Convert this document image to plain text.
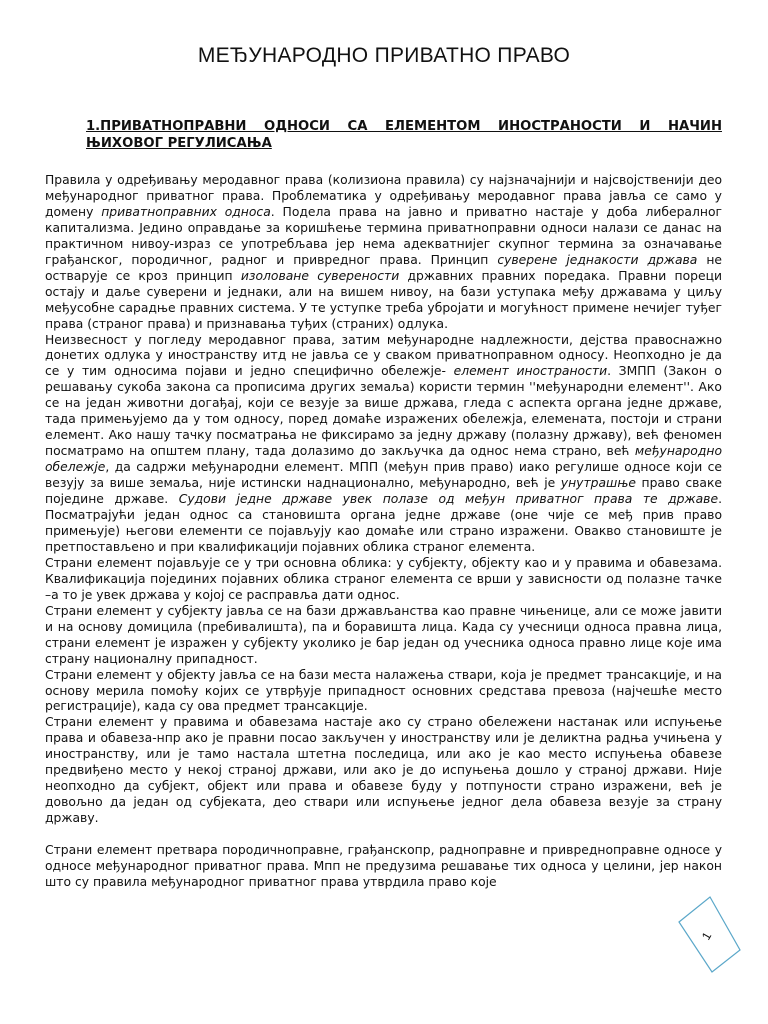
МЕЂУНАРОДНО ПРИВАТНО ПРАВО
1.ПРИВАТНОПРАВНИ ОДНОСИ СА ЕЛЕМЕНТОМ ИНОСТРАНОСТИ И НАЧИН ЊИХОВОГ РЕГУЛИСАЊА

Правила у одређивању меродавног права (колизиона правила) су најзначајнији и најсвојственији део међународног приватног права. Проблематика у одређивању меродавног права јавља се само у домену приватноправних односа. Подела права на јавно и приватно настаје у доба либералног капитализма. Једино оправдање за коришћење термина приватноправни односи налази се данас на практичном нивоу-израз се употребљава јер нема адекватнијег скупног термина за означавање грађанског, породичног, радног и привредног права. Принцип суверене једнакости држава не остварује се кроз принцип изоловане суверености државних правних поредака. Правни пореци остају и даље суверени и једнаки, али на вишем нивоу, на бази уступака међу државама у циљу међусобне сарадње правних система. У те уступке треба убројати и могућност примене нечијег туђег права (страног права) и признавања туђих (страних) одлука.

Неизвесност у погледу меродавног права, затим међународне надлежности, дејства правоснажно донетих одлука у иностранству итд не јавља се у сваком приватноправном односу. Неопходно је да се у тим односима појави и једно специфично обележје- елемент иностраности. ЗМПП (Закон о решавању сукоба закона са прописима других земаља) користи термин ''међународни елемент''. Ако се на један животни догађај, који се везује за више држава, гледа с аспекта органа једне државе, тада примењујемо да у том односу, поред домаће изражених обележја, елемената, постоји и страни елемент. Ако нашу тачку посматрања не фиксирамо за једну државу (полазну државу), већ феномен посматрамо на општем плану, тада долазимо до закључка да однос нема страно, већ међународно обележје, да садржи међународни елемент. МПП (међун прив право) иако регулише односе који се везују за више земаља, није истински наднационално, међународно, већ је унутрашње право сваке поједине државе. Судови једне државе увек полазе од међун приватног права те државе. Посматрајући један однос са становишта органа једне државе (оне чије се међ прив право примењује) његови елементи се појављују као домаће или страно изражени. Овакво становиште је претпостављено и при квалификацији појавних облика страног елемента.

Страни елемент појављује се у три основна облика: у субјекту, објекту као и у правима и обавезама. Квалификација појединих појавних облика страног елемента се врши у зависности од полазне тачке –а то је увек држава у којој се расправља дати однос.

Страни елемент у субјекту јавља се на бази држављанства као правне чињенице, али се може јавити и на основу домицила (пребивалишта), па и боравишта лица. Када су учесници односа правна лица, страни елемент је изражен у субјекту уколико је бар један од учесника односа правно лице које има страну националну припадност.

Страни елемент у објекту јавља се на бази места налажења ствари, која је предмет трансакције, и на основу мерила помоћу којих се утврђује припадност основних средстава превоза (најчешће место регистрације), када су ова предмет трансакције.

Страни елемент у правима и обавезама настаје ако су страно обележени настанак или испуњење права и обавеза-нпр ако је правни посао закључен у иностранству или је деликтна радња учињена у иностранству, или је тамо настала штетна последица, или ако је као место испуњења обавезе предвиђено место у некој страној држави, или ако је до испуњења дошло у страној држави. Није неопходно да субјект, објект или права и обавезе буду у потпуности страно изражени, већ је довољно да један од субјеката, део ствари или испуњење једног дела обавеза везује за страну државу.

Страни елемент претвара породичноправне, грађанскопр, радноправне и привредноправне односе у односе међународног приватног права. Мпп не предузима решавање тих односа у целини, јер након што су правила међународног приватног права утврдила право које

1
